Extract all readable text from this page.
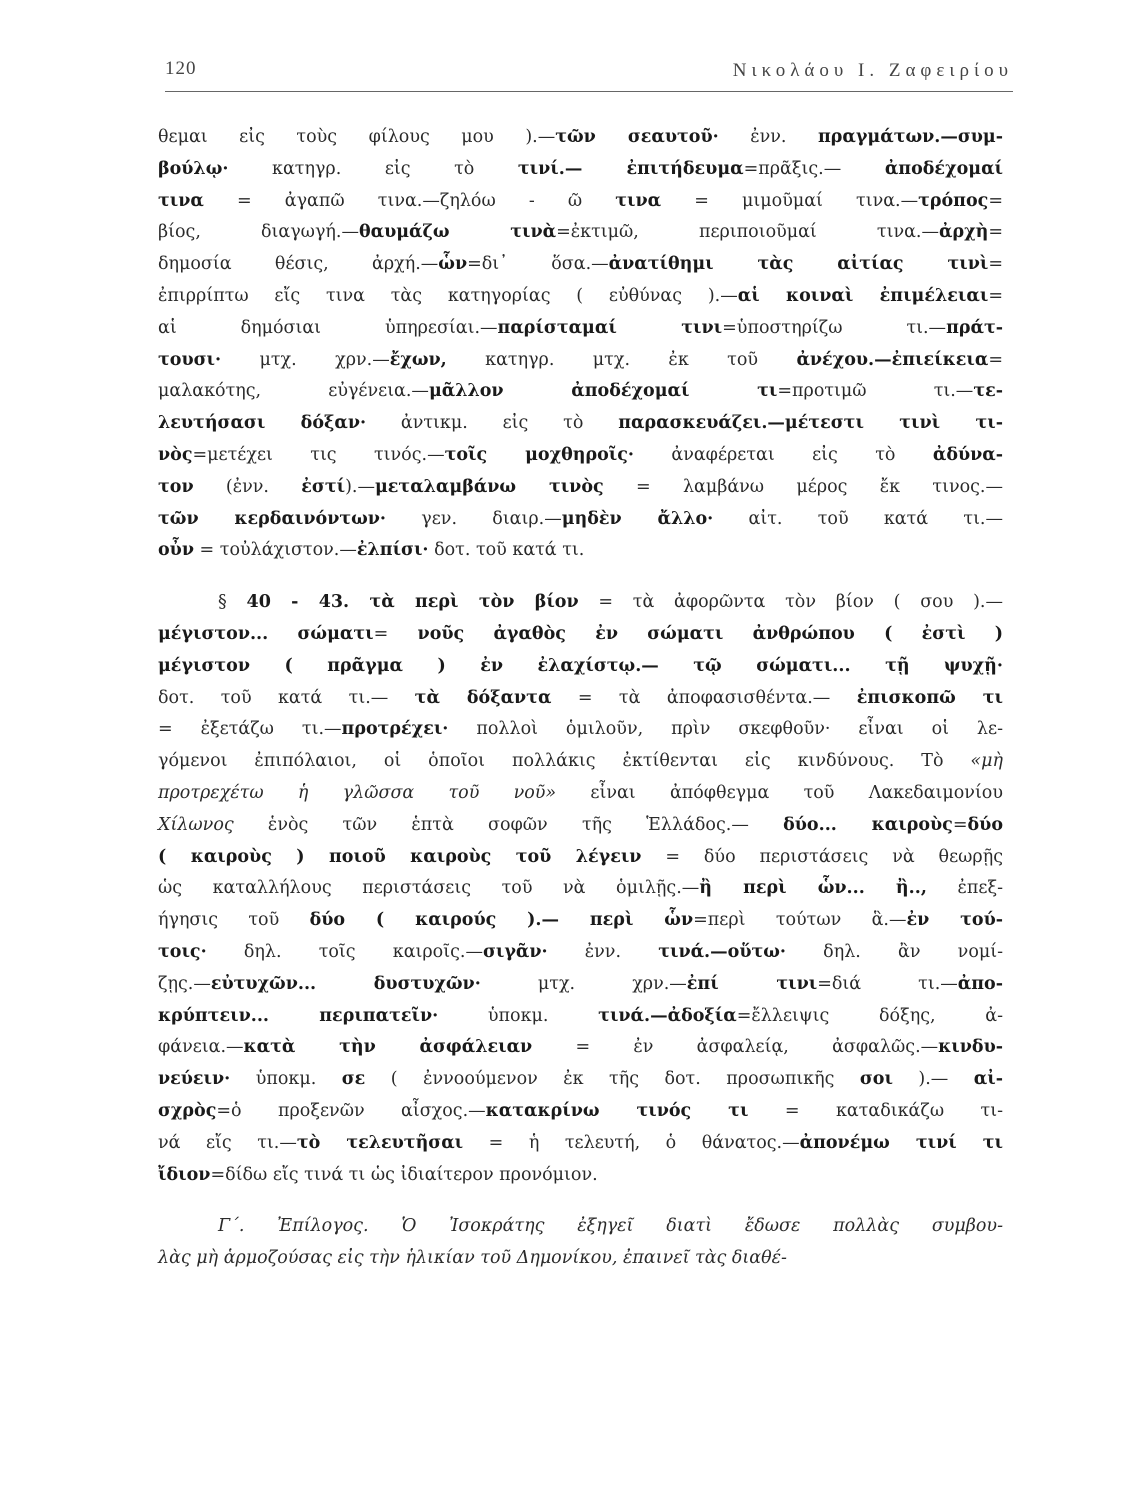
120	Νικολάου Ι. Ζαφειρίου
θεμαι εἰς τοὺς φίλους μου ).—τῶν σεαυτοῦ· ἐνν. πραγμάτων.—συμ-
βούλῳ· κατηγρ. εἰς τὸ τινί.— ἐπιτήδευμα=πρᾶξις.— ἀποδέχομαί
τινα = ἀγαπῶ τινα.—ζηλόω - ῶ τινα = μιμοῦμαί τινα.—τρόπος=
βίος, διαγωγή.—θαυμάζω τινὰ=ἐκτιμῶ, περιποιοῦμαί τινα.—ἀρχὴ=
δημοσία θέσις, ἀρχή.—ὧν=δι᾽ ὅσα.—ἀνατίθημι τὰς αἰτίας τινὶ=
ἐπιρρίπτω εἴς τινα τὰς κατηγορίας ( εὐθύνας ).—αἱ κοιναὶ ἐπιμέλειαι=
αἱ δημόσιαι ὑπηρεσίαι.—παρίσταμαί τινι=ὑποστηρίζω τι.—πράτ-
τουσι· μτχ. χρν.—ἔχων, κατηγρ. μτχ. ἐκ τοῦ ἀνέχου.—ἐπιείκεια=
μαλακότης, εὐγένεια.—μᾶλλον ἀποδέχομαί τι=προτιμῶ τι.—τε-
λευτήσασι δόξαν· ἀντικμ. εἰς τὸ παρασκευάζει.—μέτεστι τινὶ τι-
νὸς=μετέχει τις τινός.—τοῖς μοχθηροῖς· ἀναφέρεται εἰς τὸ ἀδύνα-
τον (ἐνν. ἐστί).—μεταλαμβάνω τινὸς = λαμβάνω μέρος ἔκ τινος.—
τῶν κερδαινόντων· γεν. διαιρ.—μηδὲν ἄλλο· αἰτ. τοῦ κατά τι.—
οὖν = τοὐλάχιστον.—ἐλπίσι· δοτ. τοῦ κατά τι.
§ 40 - 43. τὰ περὶ τὸν βίον = τὰ ἀφορῶντα τὸν βίον ( σου ).—
μέγιστον... σώματι= νοῦς ἀγαθὸς ἐν σώματι ἀνθρώπου ( ἐστὶ )
μέγιστον ( πρᾶγμα ) ἐν ἐλαχίστῳ.— τῷ σώματι... τῇ ψυχῇ·
δοτ. τοῦ κατά τι.— τὰ δόξαντα = τὰ ἀποφασισθέντα.— ἐπισκοπῶ τι
= ἐξετάζω τι.—προτρέχει· πολλοὶ ὁμιλοῦν, πρὶν σκεφθοῦν· εἶναι οἱ λε-
γόμενοι ἐπιπόλαιοι, οἱ ὁποῖοι πολλάκις ἐκτίθενται εἰς κινδύνους. Τὸ «μὴ
προτρεχέτω ἡ γλῶσσα τοῦ νοῦ» εἶναι ἀπόφθεγμα τοῦ Λακεδαιμονίου
Χίλωνος ἑνὸς τῶν ἑπτὰ σοφῶν τῆς Ἑλλάδος.— δύο... καιροὺς=δύο
( καιροὺς ) ποιοῦ καιροὺς τοῦ λέγειν = δύο περιστάσεις νὰ θεωρῇς
ὡς καταλλήλους περιστάσεις τοῦ νὰ ὁμιλῇς.—ἢ περὶ ὧν... ἢ.., ἐπεξ-
ήγησις τοῦ δύο ( καιρούς ).— περὶ ὧν=περὶ τούτων ἃ.—ἐν τού-
τοις· δηλ. τοῖς καιροῖς.—σιγᾶν· ἐνν. τινά.—οὕτω· δηλ. ἂν νομί-
ζῃς.—εὐτυχῶν... δυστυχῶν· μτχ. χρν.—ἐπί τινι=διά τι.—ἀπο-
κρύπτειν... περιπατεῖν· ὑποκμ. τινά.—ἀδοξία=ἔλλειψις δόξης, ἀ-
φάνεια.—κατὰ τὴν ἀσφάλειαν = ἐν ἀσφαλείᾳ, ἀσφαλῶς.—κινδυ-
νεύειν· ὑποκμ. σε ( ἐννοούμενον ἐκ τῆς δοτ. προσωπικῆς σοι ).— αἰ-
σχρὸς=ὁ προξενῶν αἶσχος.—κατακρίνω τινός τι = καταδικάζω τι-
νά εἴς τι.—τὸ τελευτῆσαι = ἡ τελευτή, ὁ θάνατος.—ἀπονέμω τινί τι
ἴδιον=δίδω εἴς τινά τι ὡς ἰδιαίτερον προνόμιον.
Γ΄. Ἐπίλογος. Ὁ Ἰσοκράτης ἐξηγεῖ διατὶ ἔδωσε πολλὰς συμβου-
λὰς μὴ ἁρμοζούσας εἰς τὴν ἡλικίαν τοῦ Δημονίκου, ἐπαινεῖ τὰς διαθέ-
